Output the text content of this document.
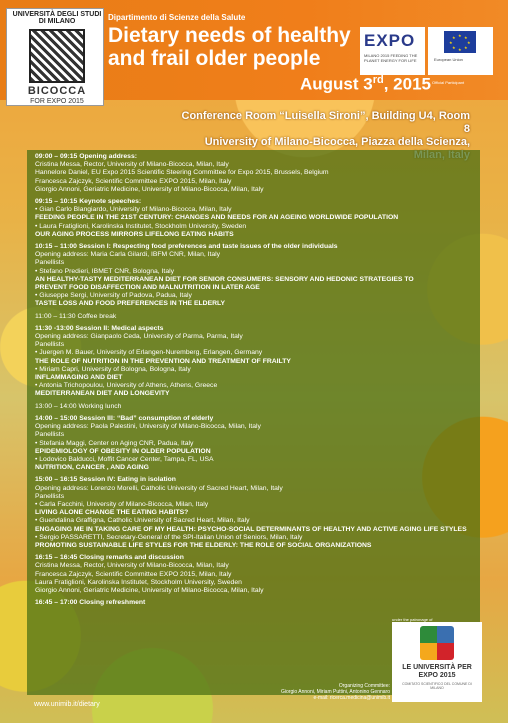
UNIVERSITÀ DEGLI STUDI DI MILANO
BICOCCA
FOR EXPO 2015
Dipartimento di Scienze della Salute
Dietary needs of healthy and frail older people
EXPO
MILANO 2015 FEEDING THE PLANET ENERGY FOR LIFE
★ ★
★
★
★
★
★
★
European Union
Official Participant
August 3rd, 2015
Conference Room “Luisella Sironi”, Building U4, Room 8
University of Milano-Bicocca, Piazza della Scienza,
09:00 – 09:15 Opening address:
Cristina Messa, Rector, University of Milano-Bicocca, Milan, Italy
Hannelore Daniel, EU Expo 2015 Scientific Steering Committee for Expo 2015, Brussels, Belgium
Francesca Zajczyk, Scientific Committee EXPO 2015, Milan, Italy
Giorgio Annoni, Geriatric Medicine, University of Milano-Bicocca, Milan, Italy
09:15 – 10:15 Keynote speeches:
• Gian Carlo Blangiardo, University of Milano-Bicocca, Milan, Italy
FEEDING PEOPLE IN THE 21ST CENTURY: CHANGES AND NEEDS FOR AN AGEING WORLDWIDE POPULATION
• Laura Fratiglioni, Karolinska Institutet, Stockholm University, Sweden
OUR AGING PROCESS MIRRORS LIFELONG EATING HABITS
10:15 – 11:00 Session I: Respecting food preferences and taste issues of the older individuals
Opening address: Maria Carla Gilardi, IBFM CNR, Milan, Italy
Panellists
• Stefano Predieri, IBMET CNR, Bologna, Italy
AN HEALTHY-TASTY MEDITERRANEAN DIET FOR SENIOR CONSUMERS: SENSORY AND HEDONIC STRATEGIES TO
PREVENT FOOD DISAFFECTION AND MALNUTRITION IN LATER AGE
• Giuseppe Sergi, University of Padova, Padua, Italy
TASTE LOSS AND FOOD PREFERENCES IN THE ELDERLY
11:00 – 11:30 Coffee break
11:30 -13:00 Session II: Medical aspects
Opening address: Gianpaolo Ceda, University of Parma, Parma, Italy
Panellists
• Juergen M. Bauer, University of Erlangen-Nuremberg, Erlangen, Germany
THE ROLE OF NUTRITION IN THE PREVENTION AND TREATMENT OF FRAILTY
• Miriam Capri, University of Bologna, Bologna, Italy
INFLAMMAGING AND DIET
• Antonia Trichopoulou, University of Athens, Athens, Greece
MEDITERRANEAN DIET AND LONGEVITY
13:00 – 14:00 Working lunch
14:00 – 15:00 Session III: “Bad” consumption of elderly
Opening address: Paola Palestini, University of Milano-Bicocca, Milan, Italy
Panellists
• Stefania Maggi, Center on Aging CNR, Padua, Italy
EPIDEMIOLOGY OF OBESITY IN OLDER POPULATION
• Lodovico Balducci, Moffit Cancer Center, Tampa, FL, USA
NUTRITION, CANCER , AND AGING
15:00 – 16:15 Session IV: Eating in isolation
Opening address: Lorenzo Morelli, Catholic University of Sacred Heart, Milan, Italy
Panellists
• Carla Facchini, University of Milano-Bicocca, Milan, Italy
LIVING ALONE CHANGE THE EATING HABITS?
• Guendalina Graffigna, Catholic University of Sacred Heart, Milan, Italy
ENGAGING ME IN TAKING CARE OF MY HEALTH: PSYCHO-SOCIAL DETERMINANTS OF HEALTHY AND ACTIVE AGING LIFE STYLES
• Sergio PASSARETTI, Secretary-General of the SPI-Italian Union of Seniors, Milan, Italy
PROMOTING SUSTAINABLE LIFE STYLES FOR THE ELDERLY: THE ROLE OF SOCIAL ORGANIZATIONS
16:15 – 16:45 Closing remarks and discussion
Cristina Messa, Rector, University of Milano-Bicocca, Milan, Italy
Francesca Zajczyk, Scientific Committee EXPO 2015, Milan, Italy
Laura Fratiglioni, Karolinska Institutet, Stockholm University, Sweden
Giorgio Annoni, Geriatric Medicine, University of Milano-Bicocca, Milan, Italy
16:45 – 17:00 Closing refreshment
under the patronage of
LE UNIVERSITÀ PER EXPO 2015
COMITATO SCIENTIFICO DEL COMUNE DI MILANO
Organizing Committee:
Giorgio Annoni, Miriam Puttini, Antonino Gennaro
e-mail: ricerca.medicina@unimib.it
www.unimib.it/dietary
